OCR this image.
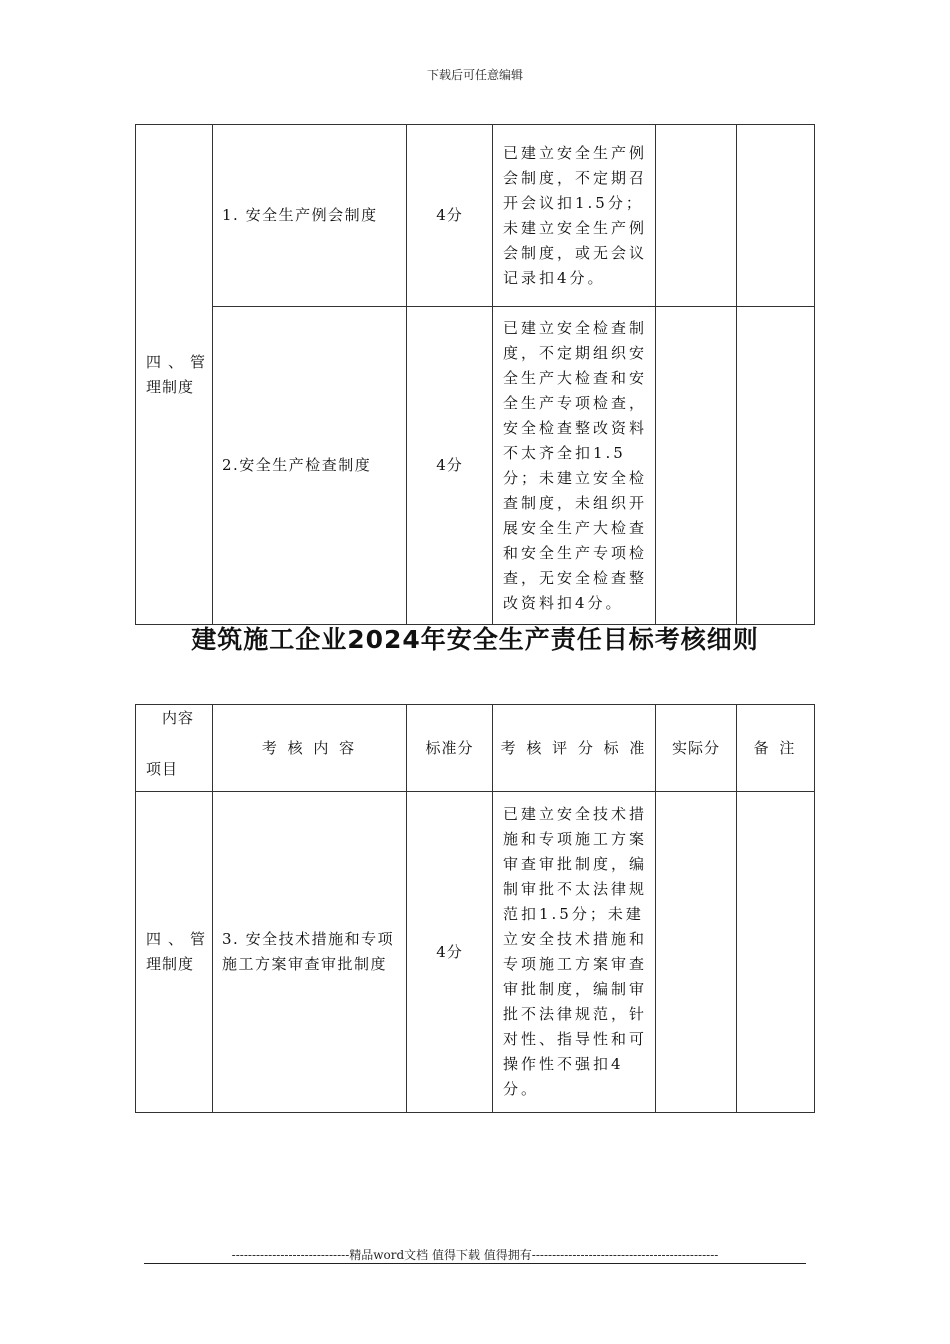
下载后可任意编辑
四 、 管
理制度	1. 安全生产例会制度	4分	已建立安全生产例会制度，不定期召开会议扣1.5分；未建立安全生产例会制度，或无会议记录扣4分。		
	2.安全生产检查制度	4分	已建立安全检查制度，不定期组织安全生产大检查和安全生产专项检查，安全检查整改资料不太齐全扣1.5分；未建立安全检查制度，未组织开展安全生产大检查和安全生产专项检查，无安全检查整改资料扣4分。		
建筑施工企业2024年安全生产责任目标考核细则
内容
项目	考 核 内 容	标准分	考 核 评 分 标 准	实际分	备 注

四 、 管
理制度	3. 安全技术措施和专项施工方案审查审批制度	4分	已建立安全技术措施和专项施工方案审查审批制度，编制审批不太法律规范扣1.5分；未建立安全技术措施和专项施工方案审查审批制度，编制审批不法律规范，针对性、指导性和可操作性不强扣4分。		
-----------------------------精品word文档 值得下载 值得拥有----------------------------------------------
